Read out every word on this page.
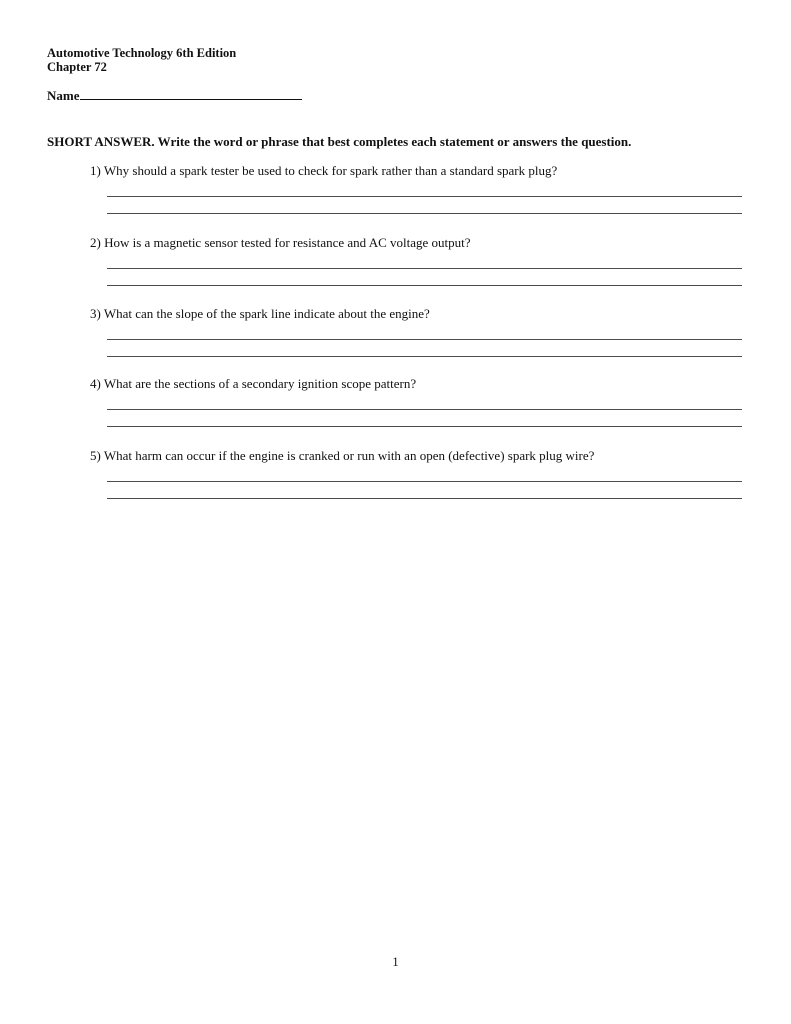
Automotive Technology 6th Edition
Chapter 72
Name
SHORT ANSWER. Write the word or phrase that best completes each statement or answers the question.
1) Why should a spark tester be used to check for spark rather than a standard spark plug?
2) How is a magnetic sensor tested for resistance and AC voltage output?
3) What can the slope of the spark line indicate about the engine?
4) What are the sections of a secondary ignition scope pattern?
5) What harm can occur if the engine is cranked or run with an open (defective) spark plug wire?
1
